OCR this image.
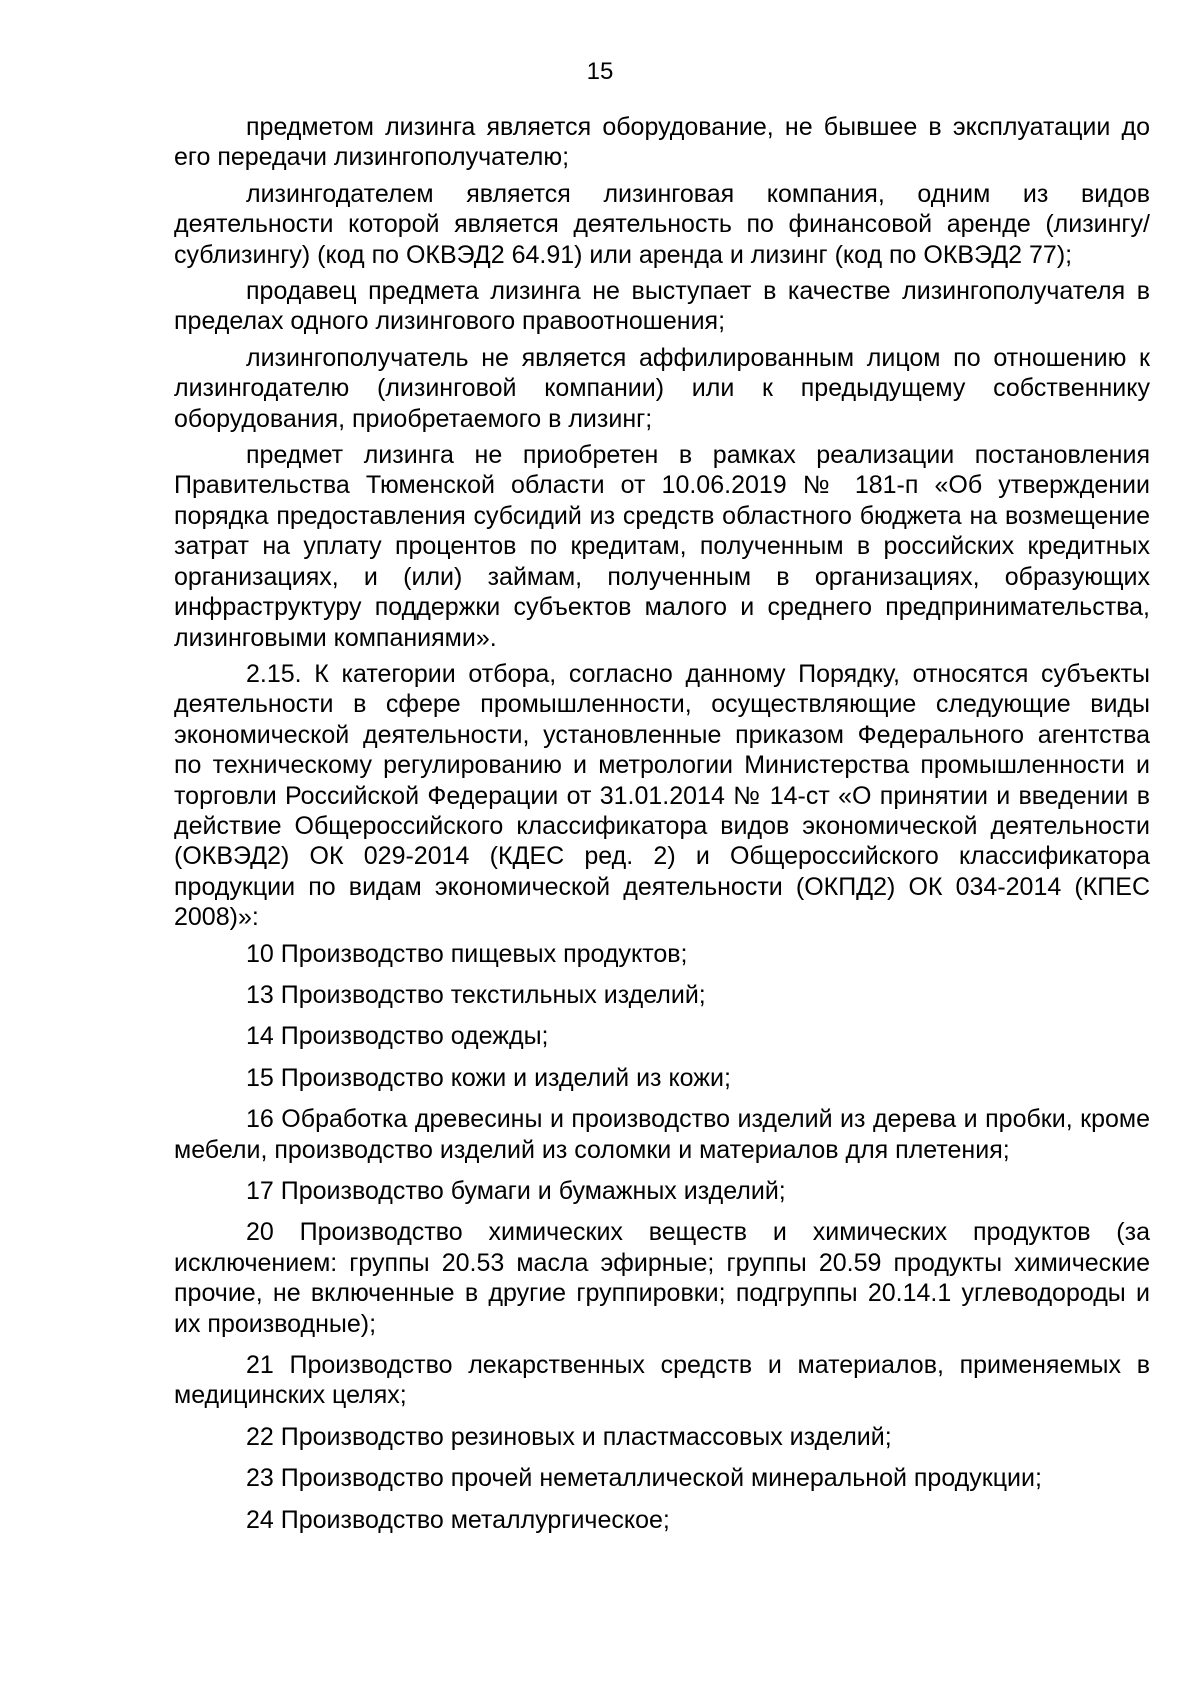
15

предметом лизинга является оборудование, не бывшее в эксплуатации до его передачи лизингополучателю;

лизингодателем является лизинговая компания, одним из видов деятельности которой является деятельность по финансовой аренде (лизингу/сублизингу) (код по ОКВЭД2 64.91) или аренда и лизинг (код по ОКВЭД2 77);

продавец предмета лизинга не выступает в качестве лизингополучателя в пределах одного лизингового правоотношения;

лизингополучатель не является аффилированным лицом по отношению к лизингодателю (лизинговой компании) или к предыдущему собственнику оборудования, приобретаемого в лизинг;

предмет лизинга не приобретен в рамках реализации постановления Правительства Тюменской области от 10.06.2019 № 181-п «Об утверждении порядка предоставления субсидий из средств областного бюджета на возмещение затрат на уплату процентов по кредитам, полученным в российских кредитных организациях, и (или) займам, полученным в организациях, образующих инфраструктуру поддержки субъектов малого и среднего предпринимательства, лизинговыми компаниями».

2.15. К категории отбора, согласно данному Порядку, относятся субъекты деятельности в сфере промышленности, осуществляющие следующие виды экономической деятельности, установленные приказом Федерального агентства по техническому регулированию и метрологии Министерства промышленности и торговли Российской Федерации от 31.01.2014 № 14-ст «О принятии и введении в действие Общероссийского классификатора видов экономической деятельности (ОКВЭД2) ОК 029-2014 (КДЕС ред. 2) и Общероссийского классификатора продукции по видам экономической деятельности (ОКПД2) ОК 034-2014 (КПЕС 2008)»:

10 Производство пищевых продуктов;

13 Производство текстильных изделий;

14 Производство одежды;

15 Производство кожи и изделий из кожи;

16 Обработка древесины и производство изделий из дерева и пробки, кроме мебели, производство изделий из соломки и материалов для плетения;

17 Производство бумаги и бумажных изделий;

20 Производство химических веществ и химических продуктов (за исключением: группы 20.53 масла эфирные; группы 20.59 продукты химические прочие, не включенные в другие группировки; подгруппы 20.14.1 углеводороды и их производные);

21 Производство лекарственных средств и материалов, применяемых в медицинских целях;

22 Производство резиновых и пластмассовых изделий;

23 Производство прочей неметаллической минеральной продукции;

24 Производство металлургическое;
